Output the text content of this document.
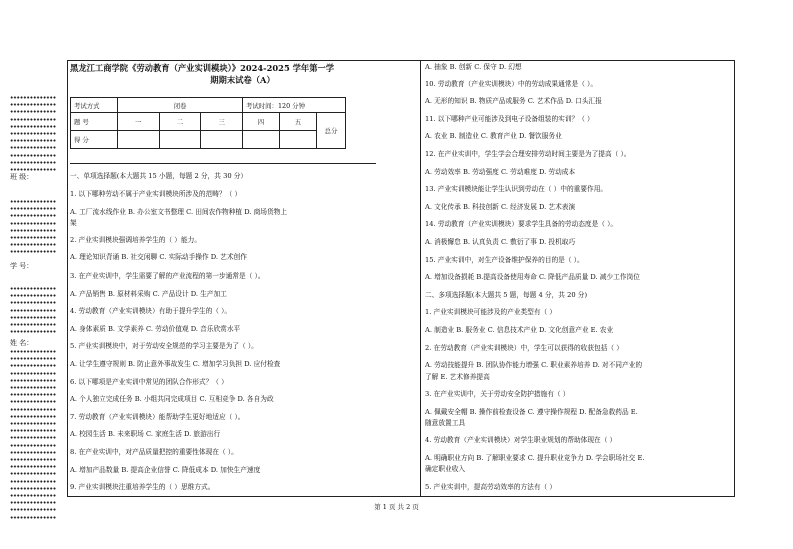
班 级：
学 号：
姓 名：
黑龙江工商学院《劳动教育（产业实训模块）》2024-2025 学年第一学
期期末试卷（A）
考试方式	闭卷			考试时间：120 分钟		
题 号	一	二	三	四	五	总分
得 分						
一、单项选择题(本大题共 15 小题，每题 2 分，共 30 分）
1. 以下哪种劳动不属于产业实训模块所涉及的范畴？（ ）
A. 工厂流水线作业 B. 办公室文书整理 C. 田间农作物种植 D. 商场货物上
架
2. 产业实训模块强调培养学生的（ ）能力。
A. 理论知识背诵 B. 社交闲聊 C. 实际动手操作 D. 艺术创作
3. 在产业实训中，学生需要了解的产业流程的第一步通常是（ ）。
A. 产品销售 B. 原材料采购 C. 产品设计 D. 生产加工
4. 劳动教育（产业实训模块）有助于提升学生的（ ）。
A. 身体素质 B. 文学素养 C. 劳动价值观 D. 音乐欣赏水平
5. 产业实训模块中，对于劳动安全规范的学习主要是为了（ ）。
A. 让学生遵守规则 B. 防止意外事故发生 C. 增加学习负担 D. 应付检查
6. 以下哪项是产业实训中常见的团队合作形式？（ ）
A. 个人独立完成任务 B. 小组共同完成项目 C. 互相竞争 D. 各自为政
7. 劳动教育（产业实训模块）能帮助学生更好地适应（ ）。
A. 校园生活 B. 未来职场 C. 家庭生活 D. 旅游出行
8. 在产业实训中，对产品质量把控的重要性体现在（ ）。
A. 增加产品数量 B. 提高企业信誉 C. 降低成本 D. 加快生产速度
9. 产业实训模块注重培养学生的（ ）思维方式。
A. 抽象 B. 创新 C. 保守 D. 幻想
10. 劳动教育（产业实训模块）中的劳动成果通常是（ ）。
A. 无形的知识 B. 物质产品或服务 C. 艺术作品 D. 口头汇报
11. 以下哪种产业可能涉及到电子设备组装的实训？（ ）
A. 农业 B. 制造业 C. 教育产业 D. 餐饮服务业
12. 在产业实训中，学生学会合理安排劳动时间主要是为了提高（ ）。
A. 劳动效率 B. 劳动强度 C. 劳动难度 D. 劳动成本
13. 产业实训模块能让学生认识到劳动在（ ）中的重要作用。
A. 文化传承 B. 科技创新 C. 经济发展 D. 艺术表演
14. 劳动教育（产业实训模块）要求学生具备的劳动态度是（ ）。
A. 消极懈怠 B. 认真负责 C. 敷衍了事 D. 投机取巧
15. 产业实训中，对生产设备维护保养的目的是（ ）。
A. 增加设备损耗 B.提高设备使用寿命 C. 降低产品质量 D. 减少工作岗位
二、多项选择题(本大题共 5 题，每题 4 分，共 20 分)
1. 产业实训模块可能涉及的产业类型有（ ）
A. 制造业 B. 服务业 C. 信息技术产业 D. 文化创意产业 E. 农业
2. 在劳动教育（产业实训模块）中，学生可以获得的收获包括（ ）
A. 劳动技能提升 B. 团队协作能力增强 C. 职业素养培养 D. 对不同产业的
了解 E. 艺术修养提高
3. 在产业实训中，关于劳动安全防护措施有（ ）
A. 佩戴安全帽 B. 操作前检查设备 C. 遵守操作规程 D. 配备急救药品 E.
随意放置工具
4. 劳动教育（产业实训模块）对学生职业规划的帮助体现在（ ）
A. 明确职业方向 B. 了解职业要求 C. 提升职业竞争力 D. 学会职场社交 E.
确定职业收入
5. 产业实训中，提高劳动效率的方法有（ ）
第 1 页 共 2 页
